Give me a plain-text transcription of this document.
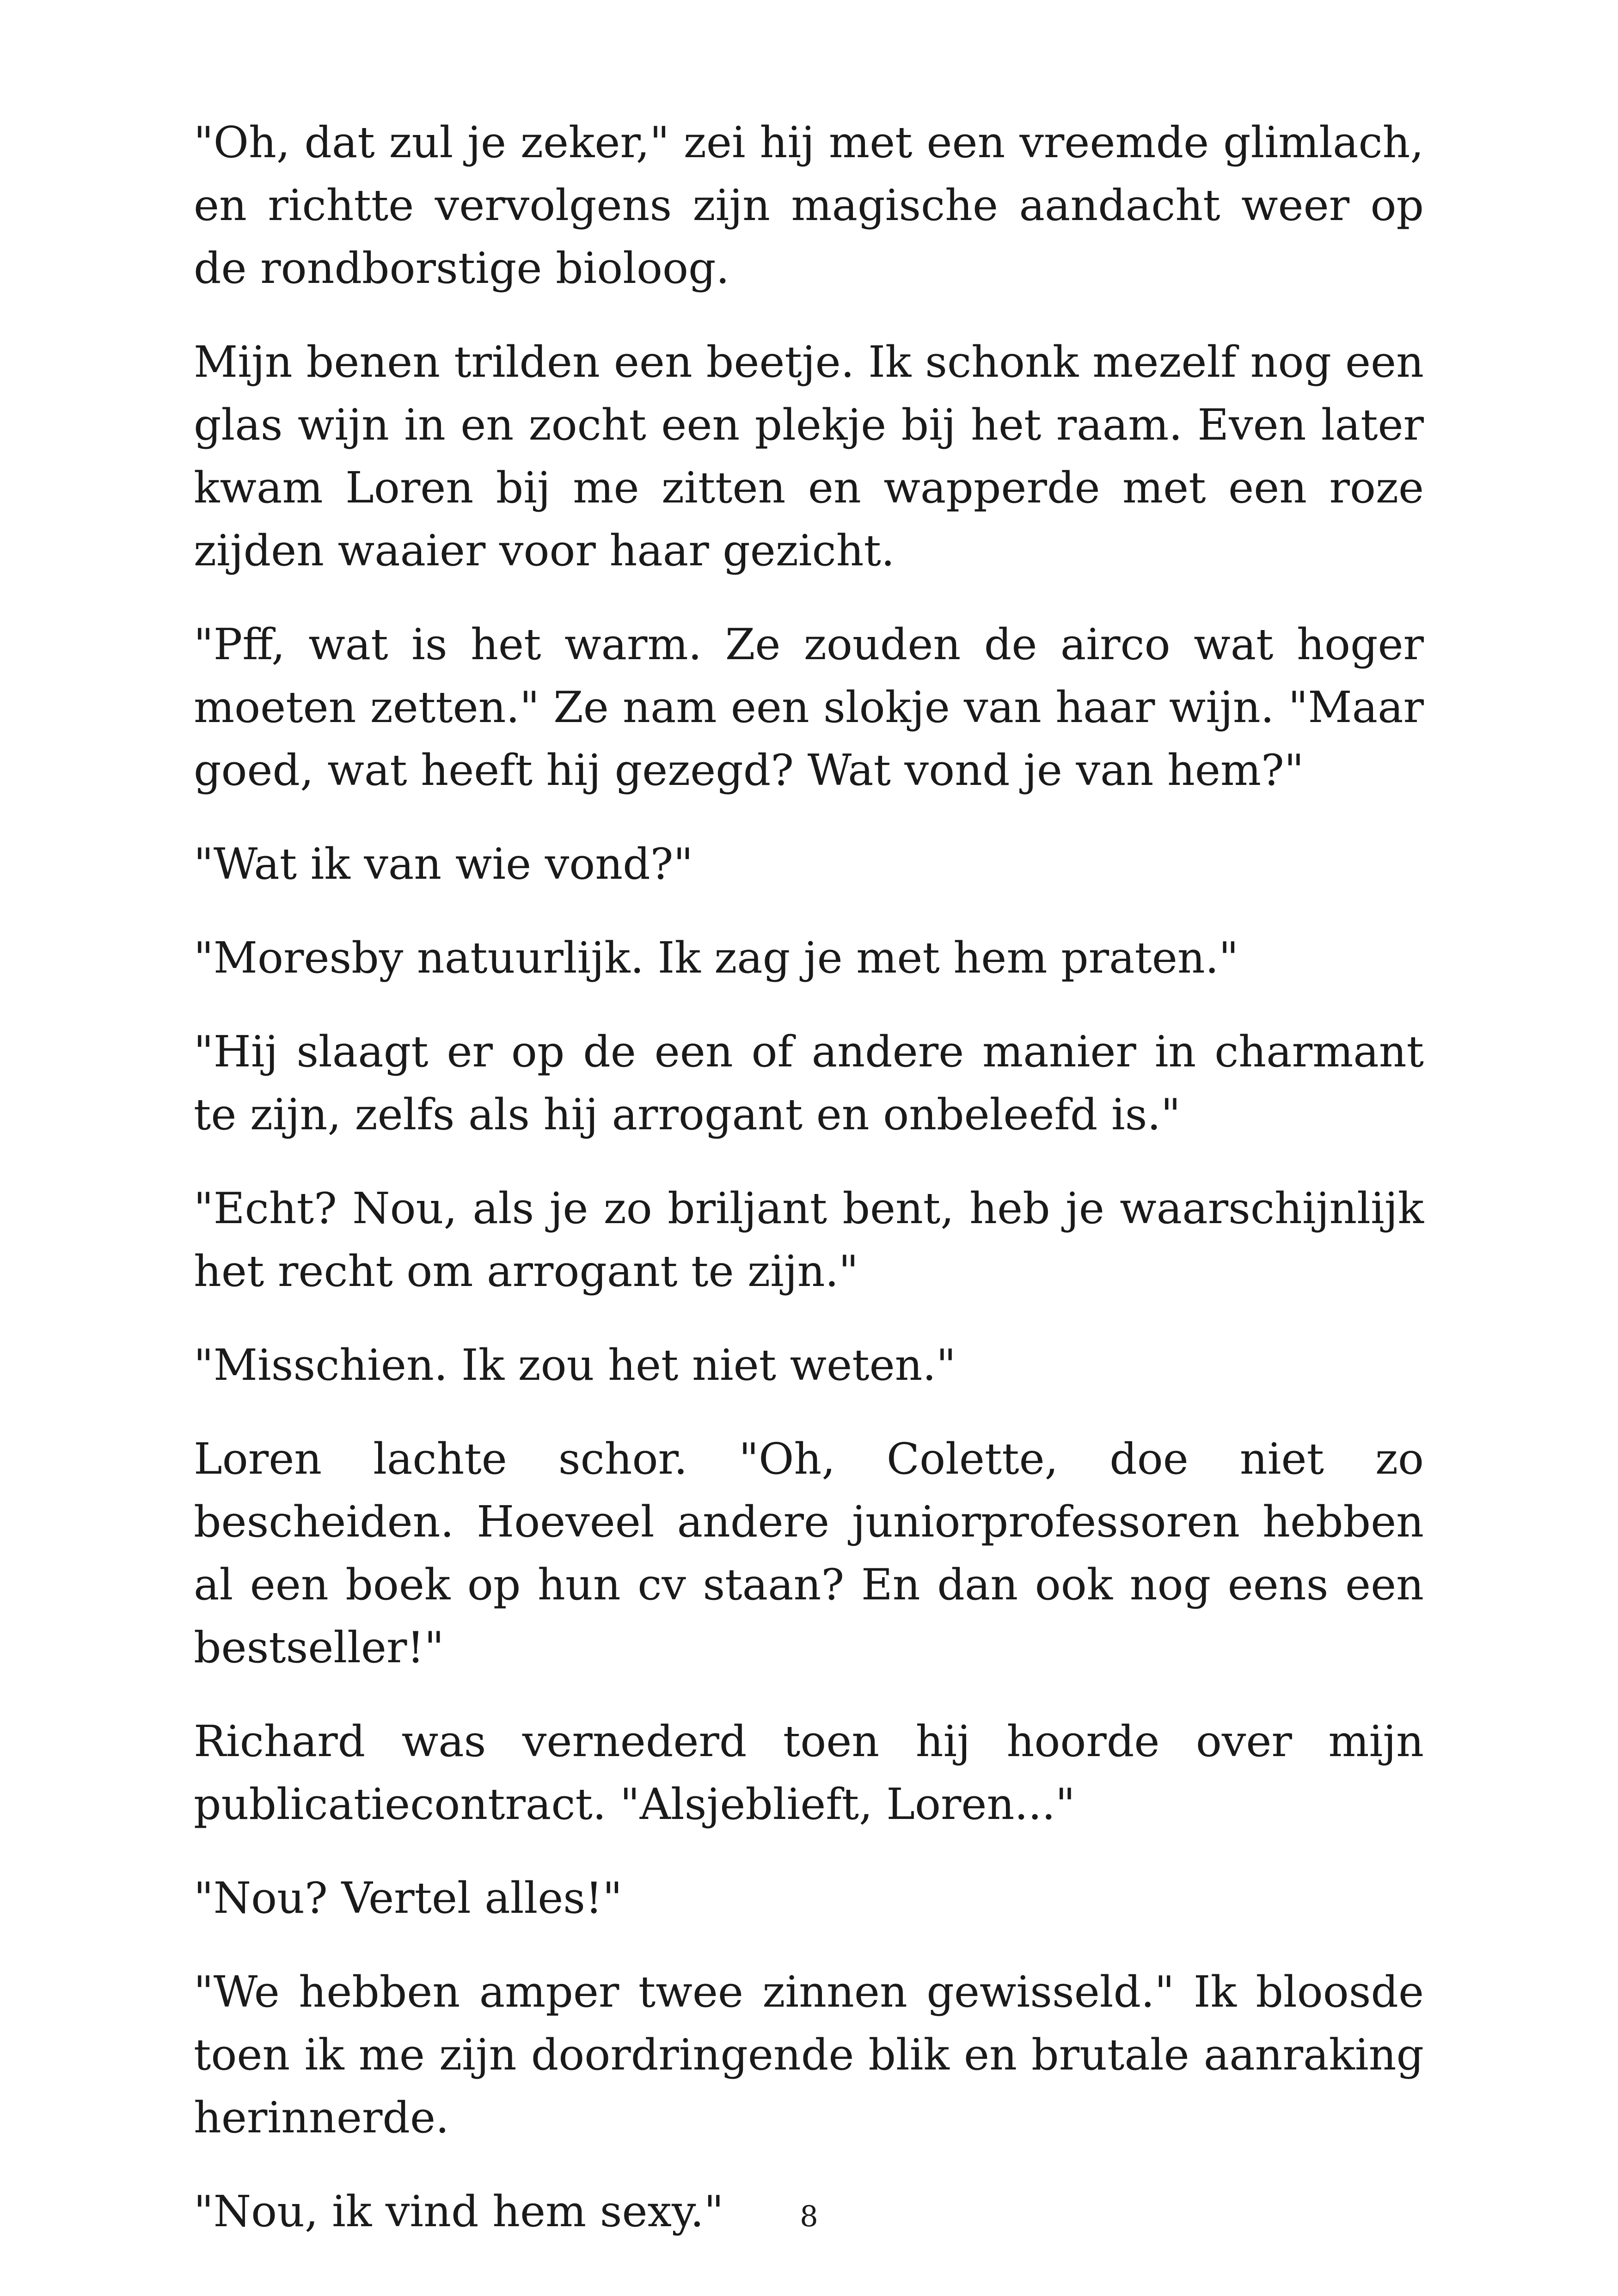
"Oh, dat zul je zeker," zei hij met een vreemde glimlach, en richtte vervolgens zijn magische aandacht weer op de rondborstige bioloog.

Mijn benen trilden een beetje. Ik schonk mezelf nog een glas wijn in en zocht een plekje bij het raam. Even later kwam Loren bij me zitten en wapperde met een roze zijden waaier voor haar gezicht.

"Pff, wat is het warm. Ze zouden de airco wat hoger moeten zetten." Ze nam een slokje van haar wijn. "Maar goed, wat heeft hij gezegd? Wat vond je van hem?"

"Wat ik van wie vond?"

"Moresby natuurlijk. Ik zag je met hem praten."

"Hij slaagt er op de een of andere manier in charmant te zijn, zelfs als hij arrogant en onbeleefd is."

"Echt? Nou, als je zo briljant bent, heb je waarschijnlijk het recht om arrogant te zijn."

"Misschien. Ik zou het niet weten."

Loren lachte schor. "Oh, Colette, doe niet zo bescheiden. Hoeveel andere juniorprofessoren hebben al een boek op hun cv staan? En dan ook nog eens een bestseller!"

Richard was vernederd toen hij hoorde over mijn publicatiecontract. "Alsjeblieft, Loren..."

"Nou? Vertel alles!"

"We hebben amper twee zinnen gewisseld." Ik bloosde toen ik me zijn doordringende blik en brutale aanraking herinnerde.

"Nou, ik vind hem sexy."	8
